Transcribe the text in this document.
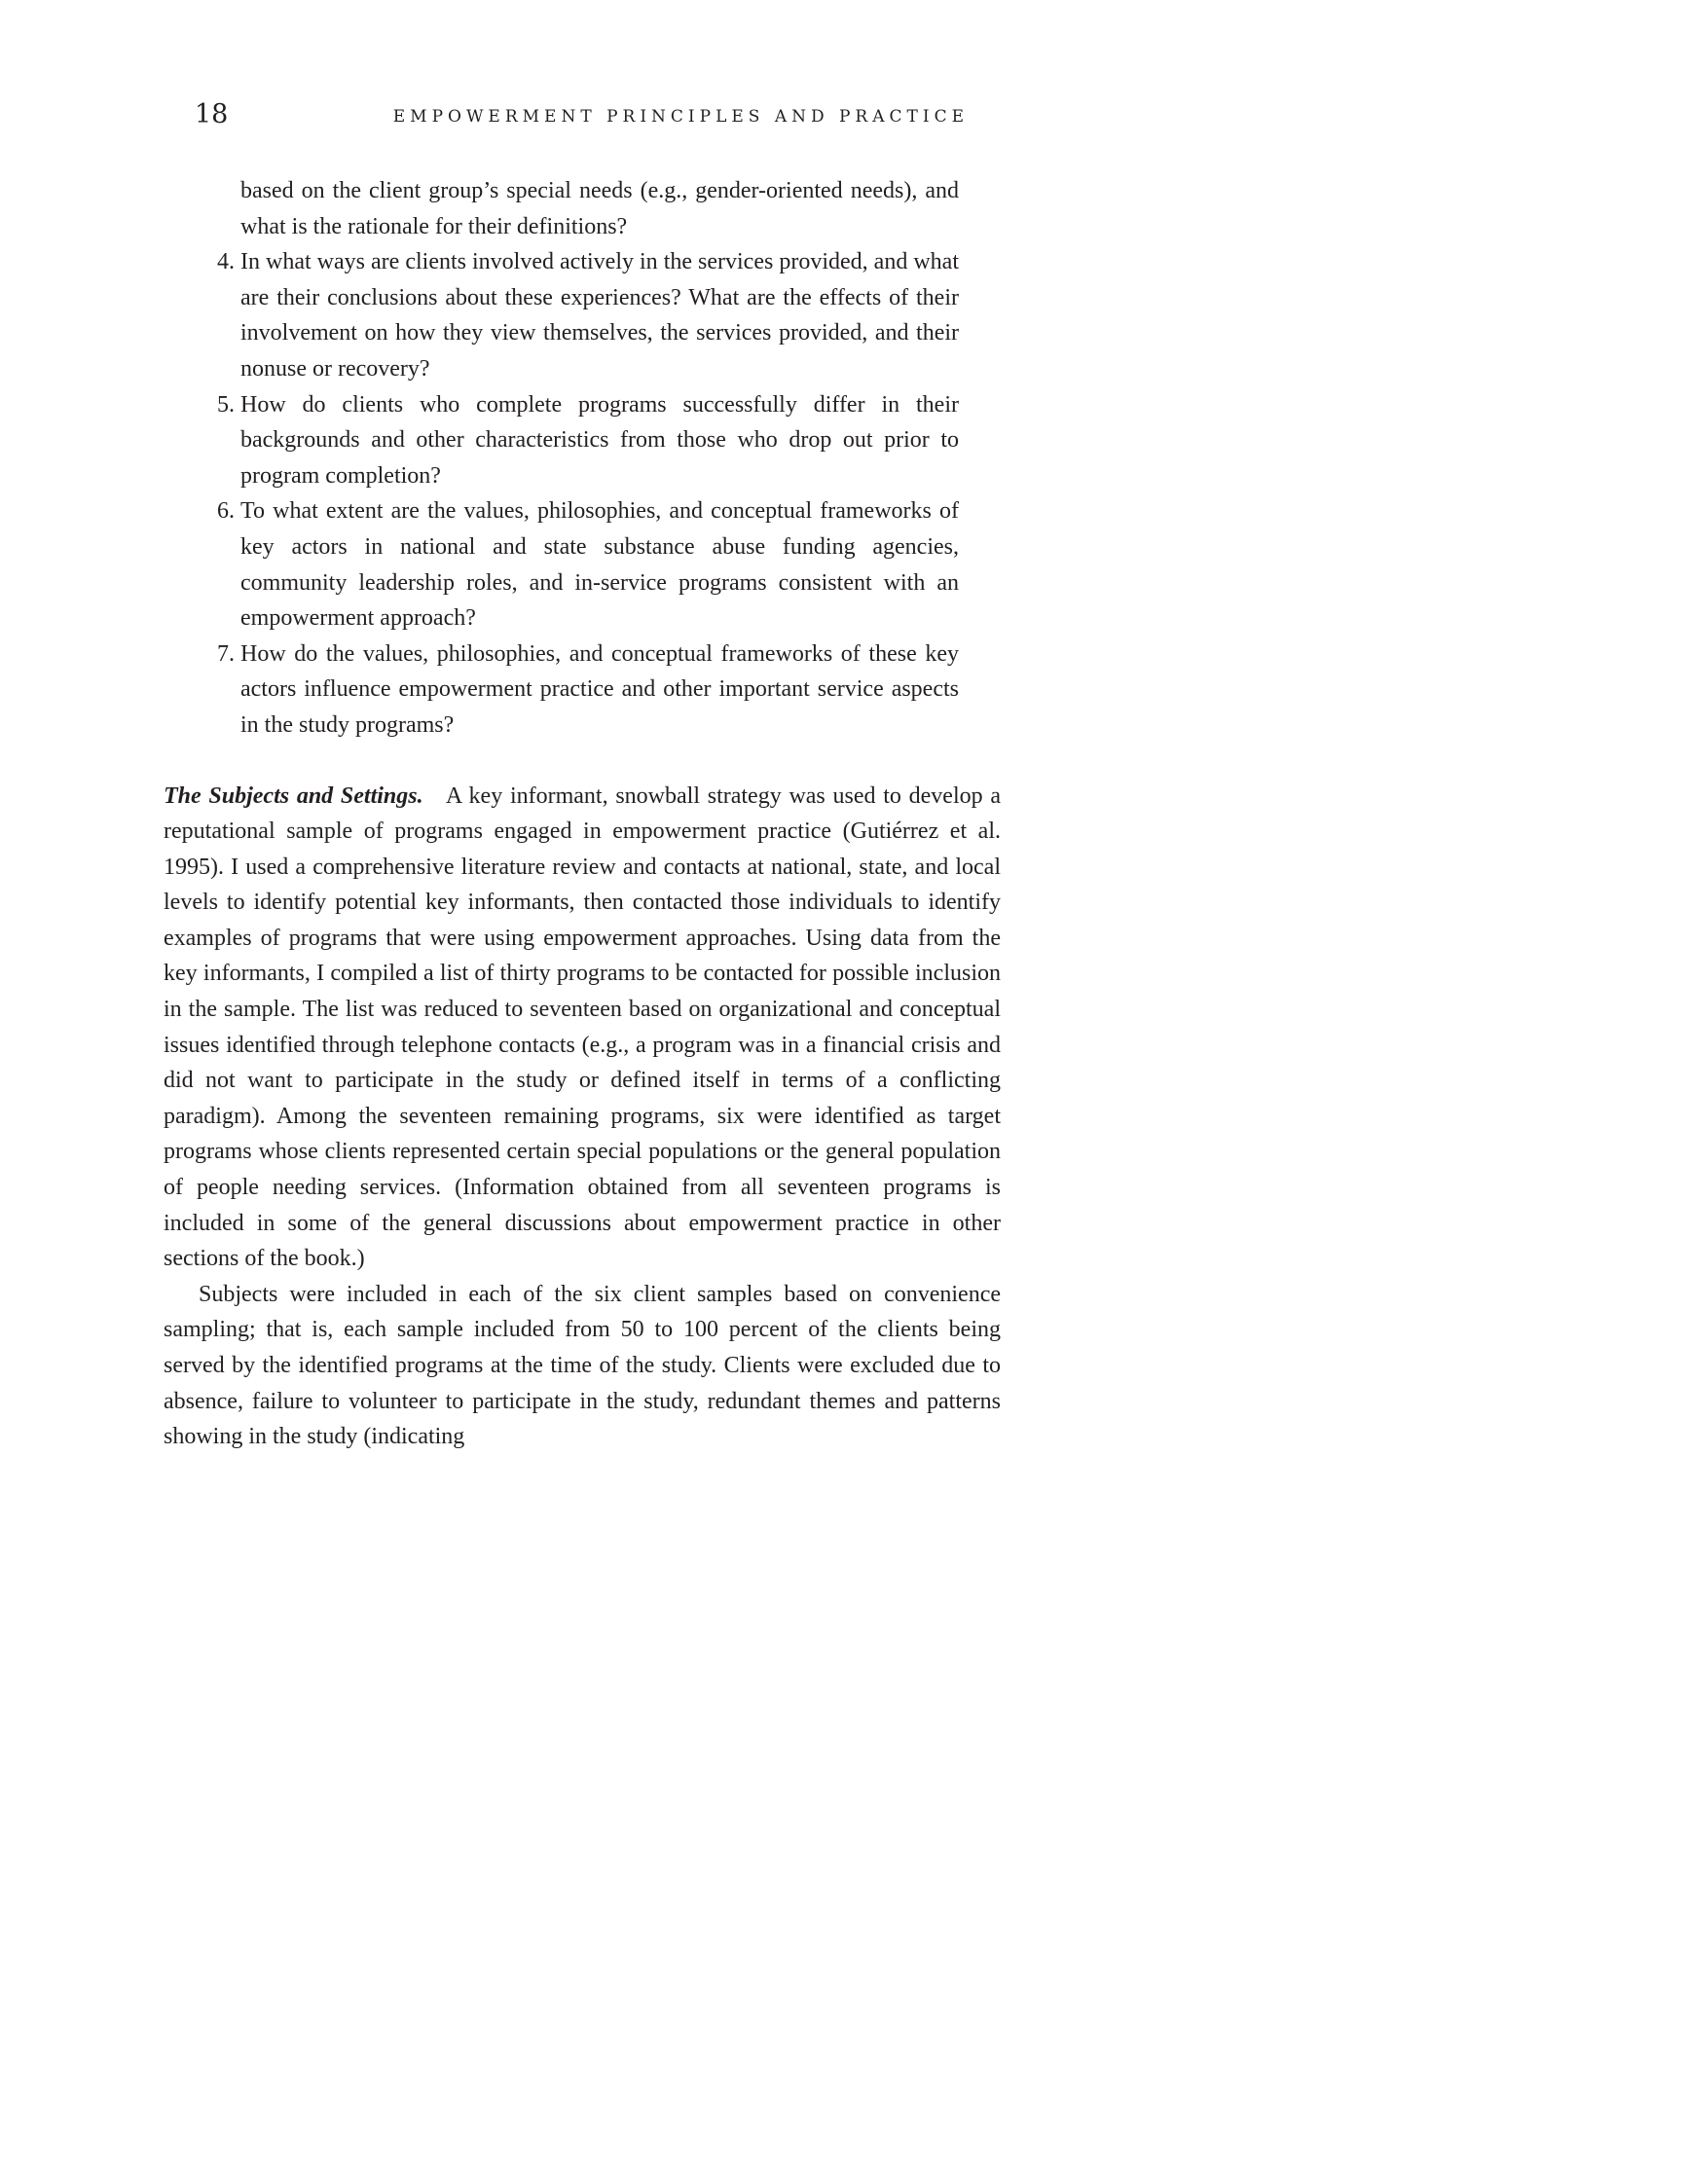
18	EMPOWERMENT PRINCIPLES AND PRACTICE

based on the client group’s special needs (e.g., gender-oriented needs), and what is the rationale for their definitions?

4. In what ways are clients involved actively in the services provided, and what are their conclusions about these experiences? What are the effects of their involvement on how they view themselves, the services provided, and their nonuse or recovery?
5. How do clients who complete programs successfully differ in their backgrounds and other characteristics from those who drop out prior to program completion?
6. To what extent are the values, philosophies, and conceptual frameworks of key actors in national and state substance abuse funding agencies, community leadership roles, and in-service programs consistent with an empowerment approach?
7. How do the values, philosophies, and conceptual frameworks of these key actors influence empowerment practice and other important service aspects in the study programs?

The Subjects and Settings. A key informant, snowball strategy was used to develop a reputational sample of programs engaged in empowerment practice (Gutiérrez et al. 1995). I used a comprehensive literature review and contacts at national, state, and local levels to identify potential key informants, then contacted those individuals to identify examples of programs that were using empowerment approaches. Using data from the key informants, I compiled a list of thirty programs to be contacted for possible inclusion in the sample. The list was reduced to seventeen based on organizational and conceptual issues identified through telephone contacts (e.g., a program was in a financial crisis and did not want to participate in the study or defined itself in terms of a conflicting paradigm). Among the seventeen remaining programs, six were identified as target programs whose clients represented certain special populations or the general population of people needing services. (Information obtained from all seventeen programs is included in some of the general discussions about empowerment practice in other sections of the book.)

Subjects were included in each of the six client samples based on convenience sampling; that is, each sample included from 50 to 100 percent of the clients being served by the identified programs at the time of the study. Clients were excluded due to absence, failure to volunteer to participate in the study, redundant themes and patterns showing in the study (indicating
